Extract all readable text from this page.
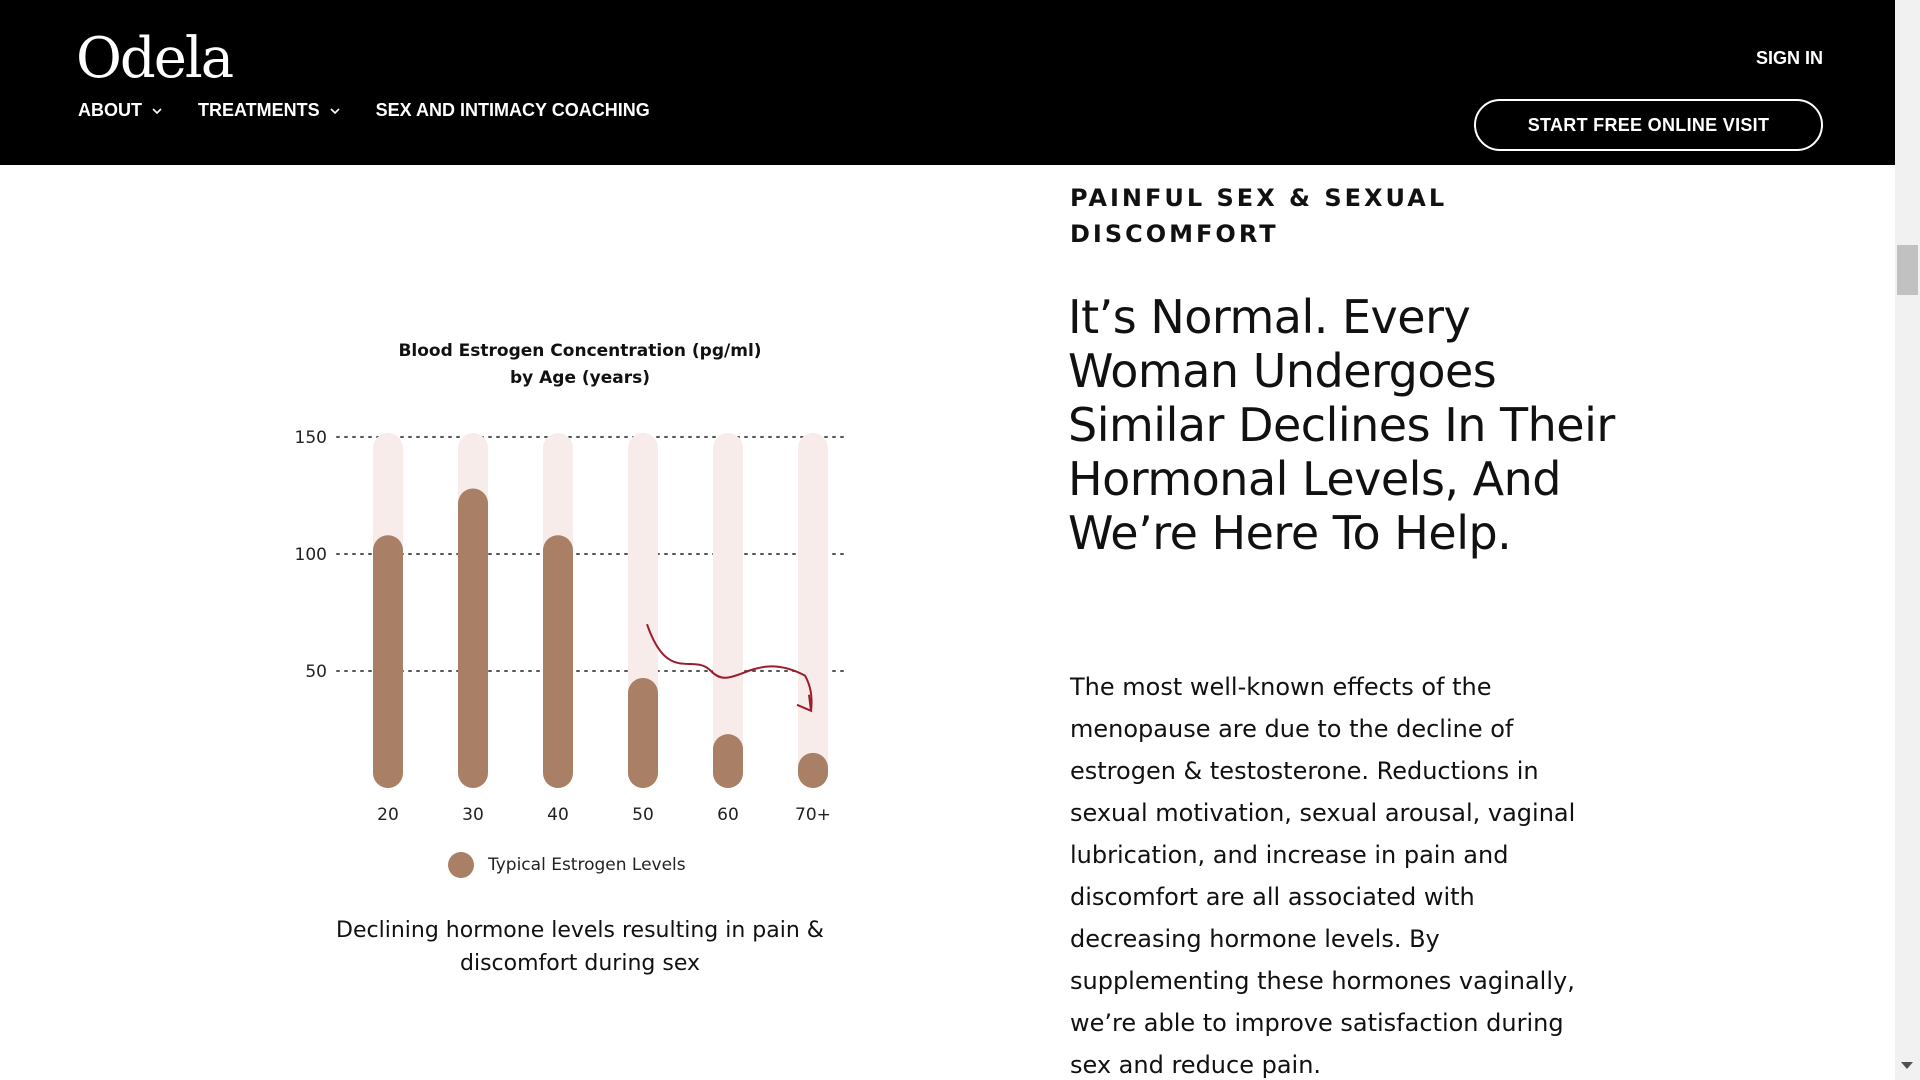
Odela
ABOUT	TREATMENTS	SEX AND INTIMACY COACHING
SIGN IN
START FREE ONLINE VISIT
150
100
50
20	30	40	50	60	70+
Blood Estrogen Concentration (pg/ml)
by Age (years)
Typical Estrogen Levels
Declining hormone levels resulting in pain & discomfort during sex
PAINFUL SEX & SEXUAL DISCOMFORT
It’s Normal. Every Woman Undergoes Similar Declines In Their Hormonal Levels, And We’re Here To Help.
The most well-known effects of the menopause are due to the decline of estrogen & testosterone. Reductions in sexual motivation, sexual arousal, vaginal lubrication, and increase in pain and discomfort are all associated with decreasing hormone levels. By supplementing these hormones vaginally, we’re able to improve satisfaction during sex and reduce pain.
